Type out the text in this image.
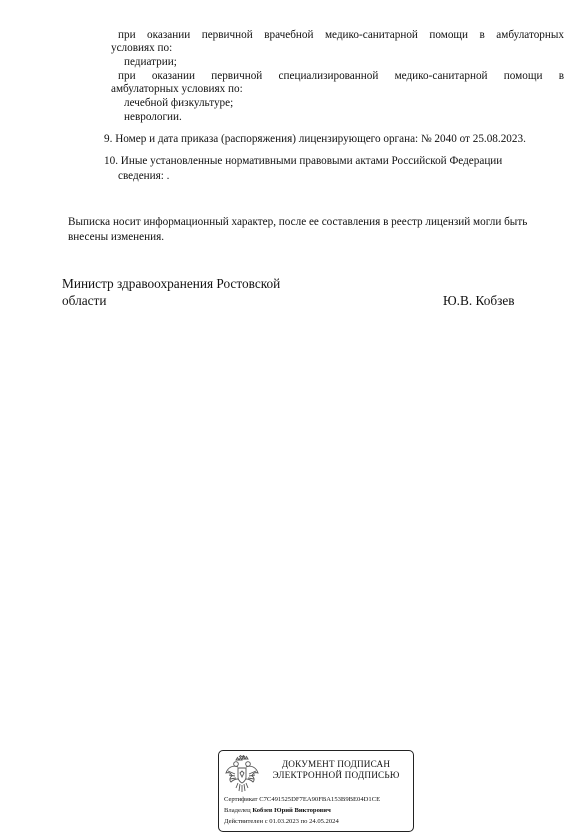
при оказании первичной врачебной медико-санитарной помощи в амбулаторных
условиях по:
педиатрии;
при оказании первичной специализированной медико-санитарной помощи в
амбулаторных условиях по:
лечебной физкультуре;
неврологии.
9. Номер и дата приказа (распоряжения) лицензирующего органа: № 2040 от 25.08.2023.
10. Иные установленные нормативными правовыми актами Российской Федерации
сведения: .
Выписка носит информационный характер, после ее составления в реестр лицензий могли быть
внесены изменения.
Министр здравоохранения Ростовской
области	Ю.В. Кобзев
ДОКУМЕНТ ПОДПИСАН
ЭЛЕКТРОННОЙ ПОДПИСЬЮ
Сертификат C7C491525DF7EA90FBA153B9BE04D1CE
Владелец Кобзев Юрий Викторович
Действителен с 01.03.2023 по 24.05.2024
